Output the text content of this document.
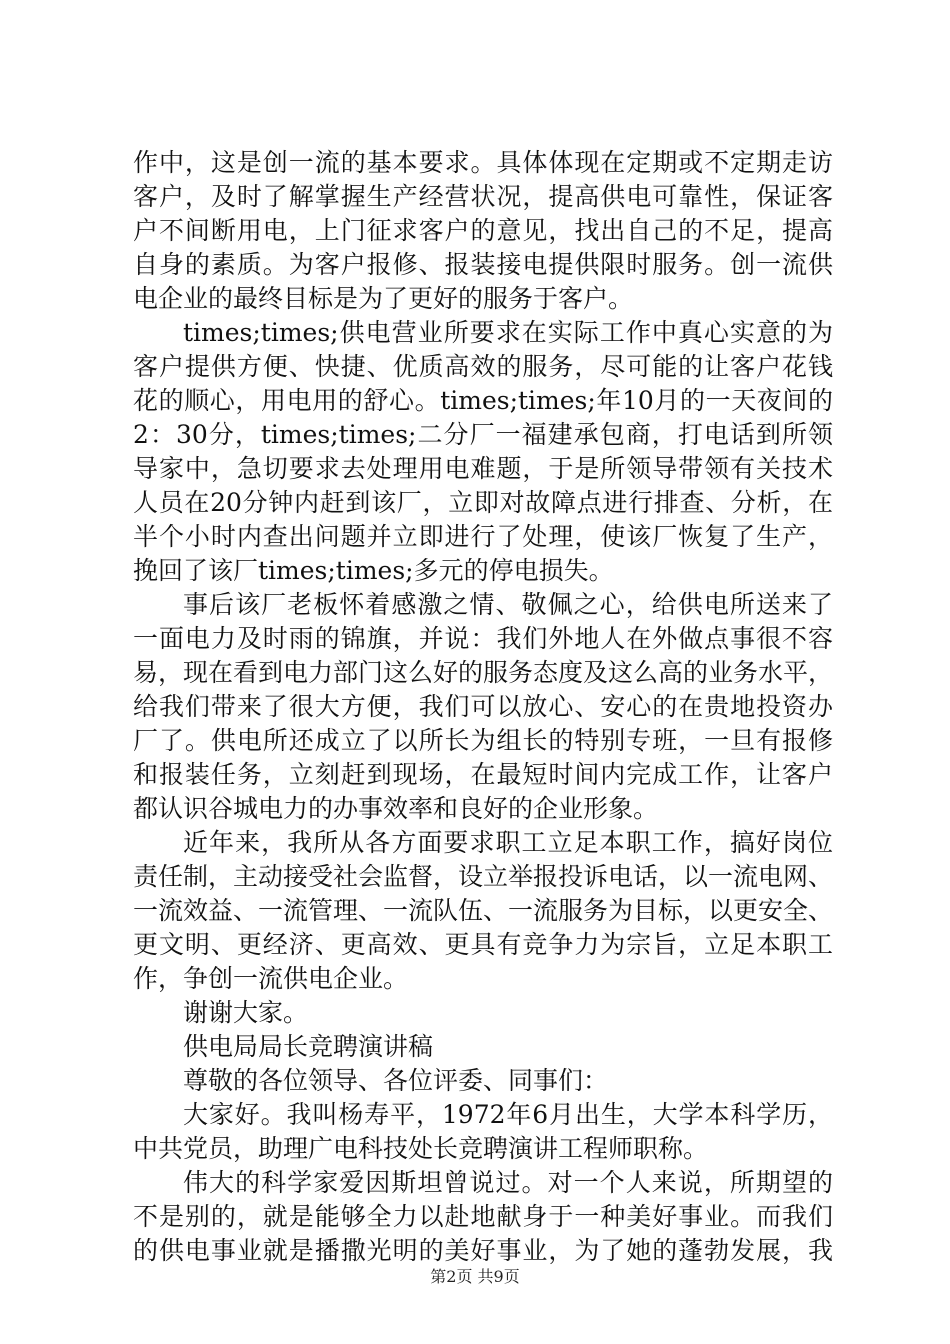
作中，这是创一流的基本要求。具体体现在定期或不定期走访
客户，及时了解掌握生产经营状况，提高供电可靠性，保证客
户不间断用电，上门征求客户的意见，找出自己的不足，提高
自身的素质。为客户报修、报装接电提供限时服务。创一流供
电企业的最终目标是为了更好的服务于客户。
times;times;供电营业所要求在实际工作中真心实意的为
客户提供方便、快捷、优质高效的服务，尽可能的让客户花钱
花的顺心，用电用的舒心。times;times;年10月的一天夜间的
2：30分，times;times;二分厂一福建承包商，打电话到所领
导家中，急切要求去处理用电难题，于是所领导带领有关技术
人员在20分钟内赶到该厂，立即对故障点进行排查、分析，在
半个小时内查出问题并立即进行了处理，使该厂恢复了生产，
挽回了该厂times;times;多元的停电损失。
事后该厂老板怀着感激之情、敬佩之心，给供电所送来了
一面电力及时雨的锦旗，并说：我们外地人在外做点事很不容
易，现在看到电力部门这么好的服务态度及这么高的业务水平，
给我们带来了很大方便，我们可以放心、安心的在贵地投资办
厂了。供电所还成立了以所长为组长的特别专班，一旦有报修
和报装任务，立刻赶到现场，在最短时间内完成工作，让客户
都认识谷城电力的办事效率和良好的企业形象。
近年来，我所从各方面要求职工立足本职工作，搞好岗位
责任制，主动接受社会监督，设立举报投诉电话，以一流电网、
一流效益、一流管理、一流队伍、一流服务为目标，以更安全、
更文明、更经济、更高效、更具有竞争力为宗旨，立足本职工
作，争创一流供电企业。
谢谢大家。
供电局局长竞聘演讲稿
尊敬的各位领导、各位评委、同事们：
大家好。我叫杨寿平，1972年6月出生，大学本科学历，
中共党员，助理广电科技处长竞聘演讲工程师职称。
伟大的科学家爱因斯坦曾说过。对一个人来说，所期望的
不是别的，就是能够全力以赴地献身于一种美好事业。而我们
的供电事业就是播撒光明的美好事业，为了她的蓬勃发展，我
第2页 共9页
